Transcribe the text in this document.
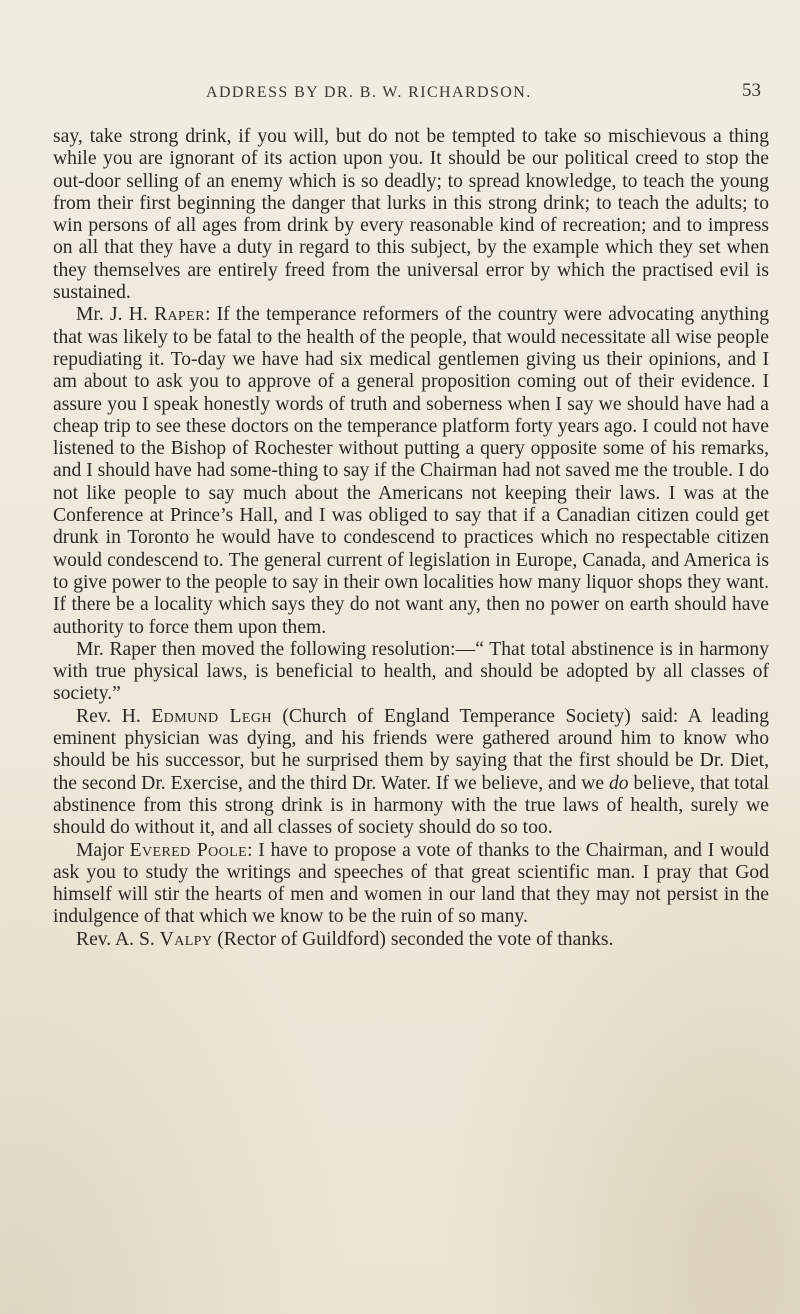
ADDRESS BY DR. B. W. RICHARDSON.	53

say, take strong drink, if you will, but do not be tempted to take so mischievous a thing while you are ignorant of its action upon you. It should be our political creed to stop the out-door selling of an enemy which is so deadly; to spread knowledge, to teach the young from their first beginning the danger that lurks in this strong drink; to teach the adults; to win persons of all ages from drink by every reasonable kind of recreation; and to impress on all that they have a duty in regard to this subject, by the example which they set when they themselves are entirely freed from the universal error by which the practised evil is sustained.

Mr. J. H. Raper: If the temperance reformers of the country were advocating anything that was likely to be fatal to the health of the people, that would necessitate all wise people repudiating it. To-day we have had six medical gentlemen giving us their opinions, and I am about to ask you to approve of a general proposition coming out of their evidence. I assure you I speak honestly words of truth and soberness when I say we should have had a cheap trip to see these doctors on the temperance platform forty years ago. I could not have listened to the Bishop of Rochester without putting a query opposite some of his remarks, and I should have had some-thing to say if the Chairman had not saved me the trouble. I do not like people to say much about the Americans not keeping their laws. I was at the Conference at Prince’s Hall, and I was obliged to say that if a Canadian citizen could get drunk in Toronto he would have to condescend to practices which no respectable citizen would condescend to. The general current of legislation in Europe, Canada, and America is to give power to the people to say in their own localities how many liquor shops they want. If there be a locality which says they do not want any, then no power on earth should have authority to force them upon them.

Mr. Raper then moved the following resolution:—“ That total abstinence is in harmony with true physical laws, is beneficial to health, and should be adopted by all classes of society.”

Rev. H. Edmund Legh (Church of England Temperance Society) said: A leading eminent physician was dying, and his friends were gathered around him to know who should be his successor, but he surprised them by saying that the first should be Dr. Diet, the second Dr. Exercise, and the third Dr. Water. If we believe, and we do believe, that total abstinence from this strong drink is in harmony with the true laws of health, surely we should do without it, and all classes of society should do so too.

Major Evered Poole: I have to propose a vote of thanks to the Chairman, and I would ask you to study the writings and speeches of that great scientific man. I pray that God himself will stir the hearts of men and women in our land that they may not persist in the indulgence of that which we know to be the ruin of so many.

Rev. A. S. Valpy (Rector of Guildford) seconded the vote of thanks.
